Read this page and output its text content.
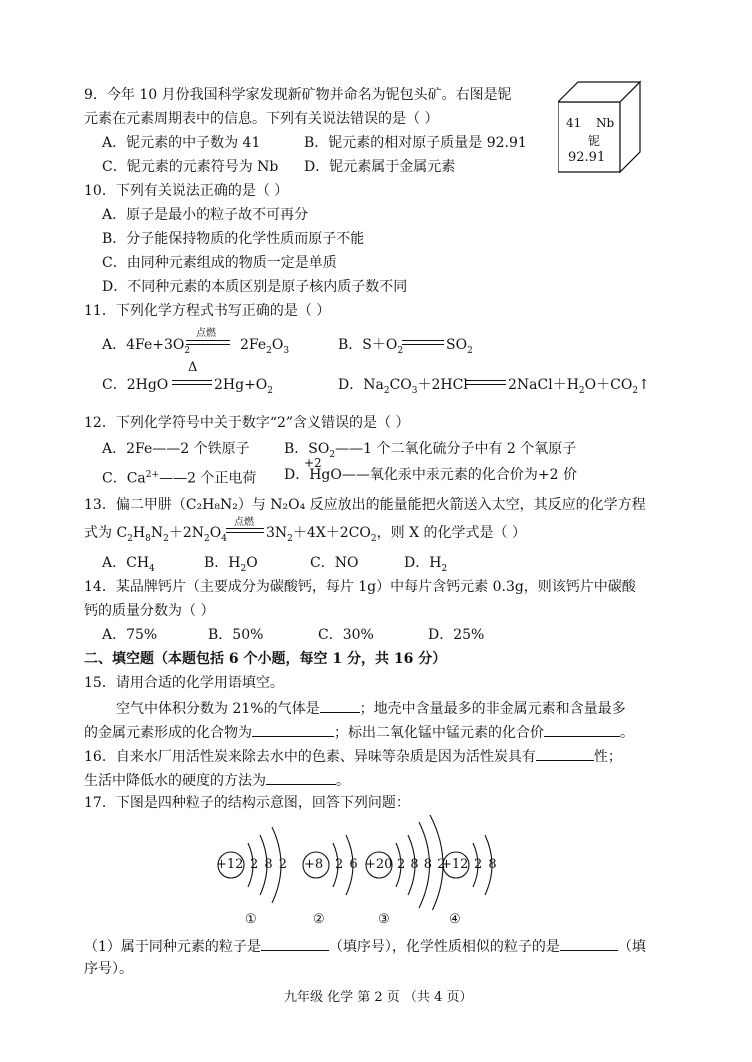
9．今年 10 月份我国科学家发现新矿物并命名为铌包头矿。右图是铌
元素在元素周期表中的信息。下列有关说法错误的是（ ）
A．铌元素的中子数为 41	B．铌元素的相对原子质量是 92.91
C．铌元素的元素符号为 Nb D．铌元素属于金属元素
41 Nb
铌
92.91
10．下列有关说法正确的是（ ）
A．原子是最小的粒子故不可再分
B．分子能保持物质的化学性质而原子不能
C．由同种元素组成的物质一定是单质
D．不同种元素的本质区别是原子核内质子数不同
11．下列化学方程式书写正确的是（ ）
A．$4Fe+3O_2$
点燃
$2Fe_2O_3$	B．$S+O_2$	$SO_2$
C．2HgO
Δ
$2Hg+O_2$	D．$Na_2CO_3+2HCl$	$2NaCl+H_2O+CO_2↑$
12．下列化学符号中关于数字“2”含义错误的是（ ）
A．2Fe——2 个铁原子 B．$SO_2——1$ 个二氧化硫分子中有 2 个氧原子
+2
C．$Ca^{2+}——2$ 个正电荷 D．HgO——氧化汞中汞元素的化合价为+2 价
13．偏二甲肼（C₂H₈N₂）与 N₂O₄ 反应放出的能量能把火箭送入太空，其反应的化学方程
式为 $C_2H_8N_2+2N_2O_4$
点燃
$3N_2+4X+2CO_2$，则 X 的化学式是（ ）
A．$CH_4$	B．$H_2O$	C．NO	D．$H_2$
14．某品牌钙片（主要成分为碳酸钙，每片 1g）中每片含钙元素 0.3g，则该钙片中碳酸
钙的质量分数为（ ）
A．75%	B．50%	C．30%	D．25%
二、填空题（本题包括 6 个小题，每空 1 分，共 16 分）
15．请用合适的化学用语填空。
空气中体积分数为 21%的气体是	；地壳中含量最多的非金属元素和含量最多
的金属元素形成的化合物为	；标出二氧化锰中锰元素的化合价	。
16．自来水厂用活性炭来除去水中的色素、异味等杂质是因为活性炭具有	性；
生活中降低水的硬度的方法为	。
17．下图是四种粒子的结构示意图，回答下列问题：
+12 2 8 2
①
+8 2 6
②
+20 2 8 8 2
③
+12 2 8
④
（1）属于同种元素的粒子是	（填序号），化学性质相似的粒子的是	（填
序号）。
九年级 化学 第 2 页 （共 4 页）
